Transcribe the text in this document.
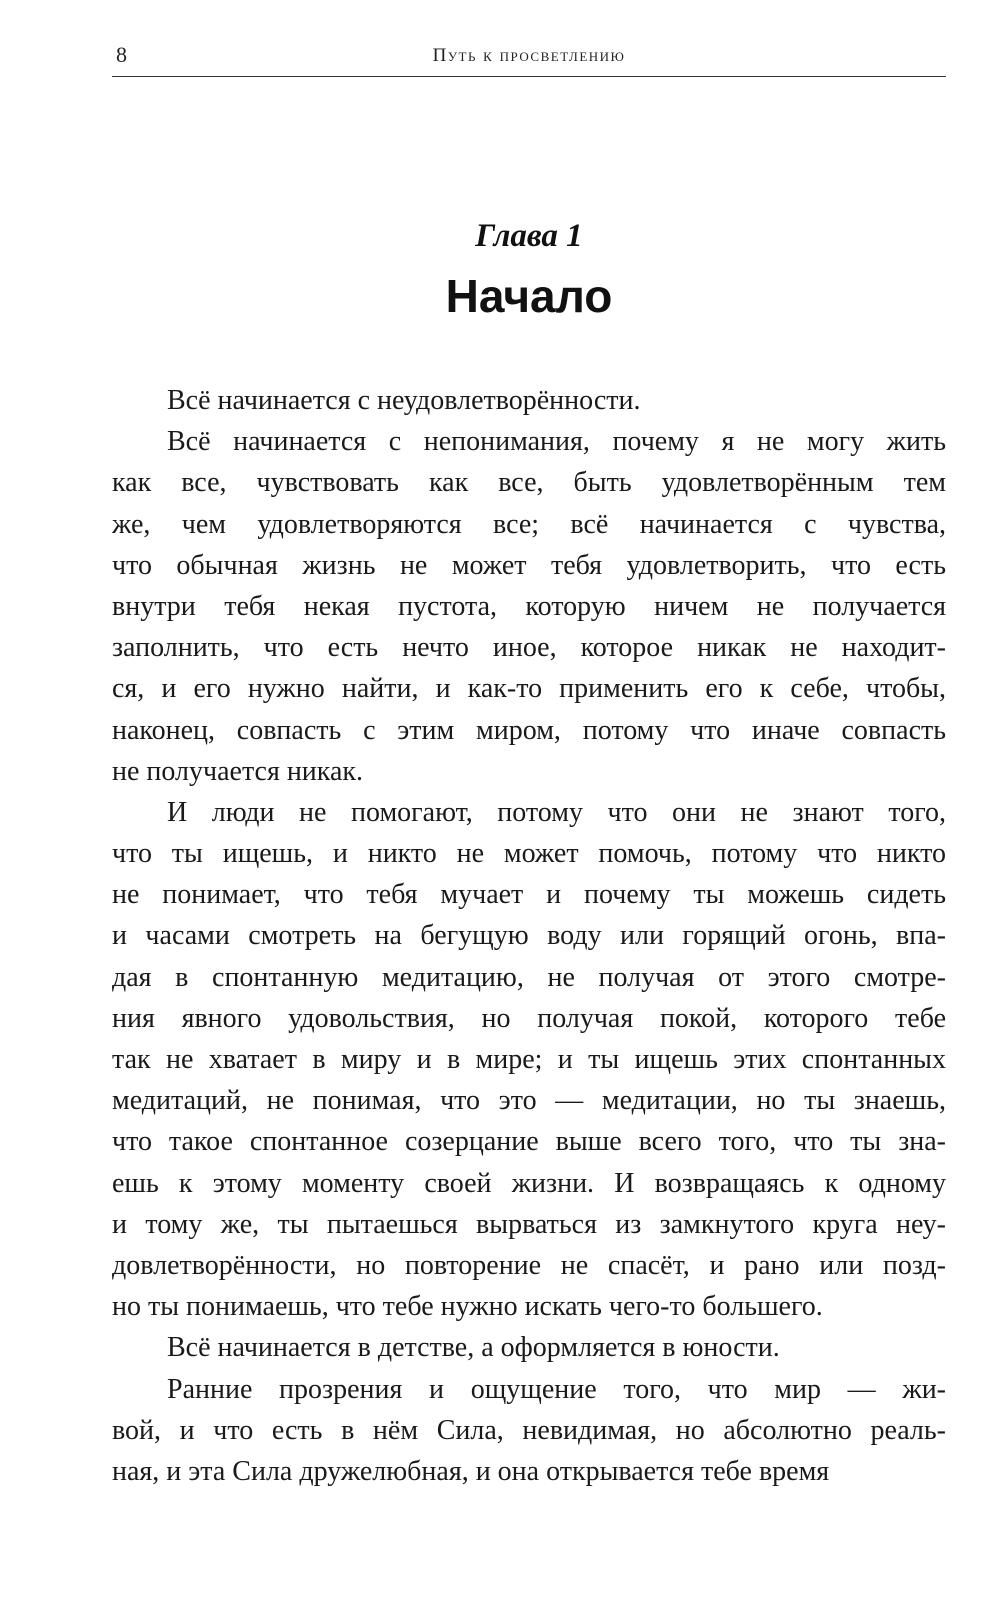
8	Путь к просветлению
Глава 1
Начало
Всё начинается с неудовлетворённости.
Всё начинается с непонимания, почему я не могу жить
как все, чувствовать как все, быть удовлетворённым тем
же, чем удовлетворяются все; всё начинается с чувства,
что обычная жизнь не может тебя удовлетворить, что есть
внутри тебя некая пустота, которую ничем не получается
заполнить, что есть нечто иное, которое никак не находит-
ся, и его нужно найти, и как-то применить его к себе, чтобы,
наконец, совпасть с этим миром, потому что иначе совпасть
не получается никак.
И люди не помогают, потому что они не знают того,
что ты ищешь, и никто не может помочь, потому что никто
не понимает, что тебя мучает и почему ты можешь сидеть
и часами смотреть на бегущую воду или горящий огонь, впа-
дая в спонтанную медитацию, не получая от этого смотре-
ния явного удовольствия, но получая покой, которого тебе
так не хватает в миру и в мире; и ты ищешь этих спонтанных
медитаций, не понимая, что это — медитации, но ты знаешь,
что такое спонтанное созерцание выше всего того, что ты зна-
ешь к этому моменту своей жизни. И возвращаясь к одному
и тому же, ты пытаешься вырваться из замкнутого круга неу-
довлетворённости, но повторение не спасёт, и рано или позд-
но ты понимаешь, что тебе нужно искать чего-то большего.
Всё начинается в детстве, а оформляется в юности.
Ранние прозрения и ощущение того, что мир — жи-
вой, и что есть в нём Сила, невидимая, но абсолютно реаль-
ная, и эта Сила дружелюбная, и она открывается тебе время
